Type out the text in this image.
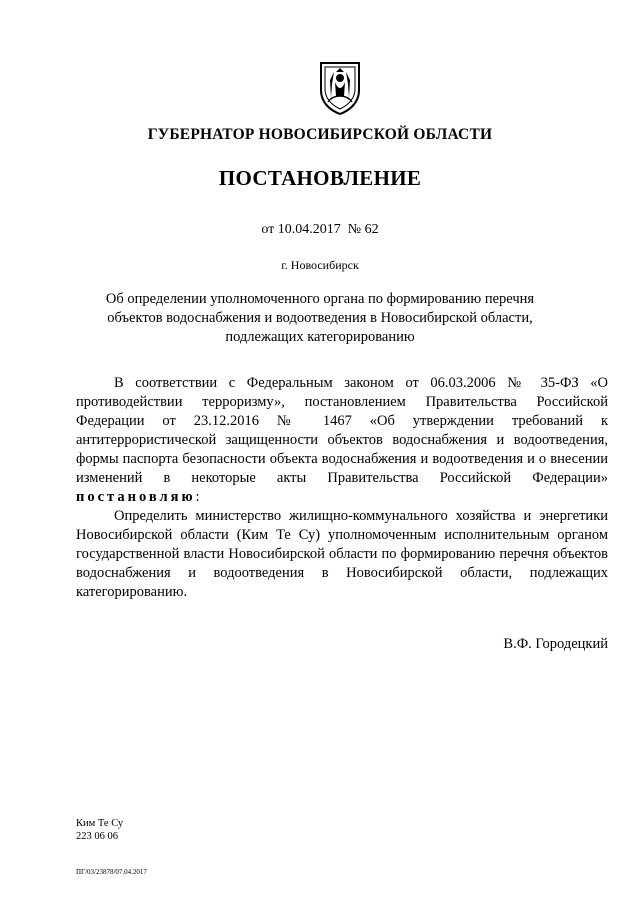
ГУБЕРНАТОР НОВОСИБИРСКОЙ ОБЛАСТИ
ПОСТАНОВЛЕНИЕ
от 10.04.2017  № 62
г. Новосибирск
Об определении уполномоченного органа по формированию перечня
объектов водоснабжения и водоотведения в Новосибирской области,
подлежащих категорированию

В соответствии с Федеральным законом от 06.03.2006 № 35-ФЗ «О противодействии терроризму», постановлением Правительства Российской Федерации от 23.12.2016 № 1467 «Об утверждении требований к антитеррористической защищенности объектов водоснабжения и водоотведения, формы паспорта безопасности объекта водоснабжения и водоотведения и о внесении изменений в некоторые акты Правительства Российской Федерации» постановляю:

Определить министерство жилищно-коммунального хозяйства и энергетики Новосибирской области (Ким Те Су) уполномоченным исполнительным органом государственной власти Новосибирской области по формированию перечня объектов водоснабжения и водоотведения в Новосибирской области, подлежащих категорированию.

В.Ф. Городецкий
Ким Те Су
223 06 06
ПГ/03/23878/07.04.2017
